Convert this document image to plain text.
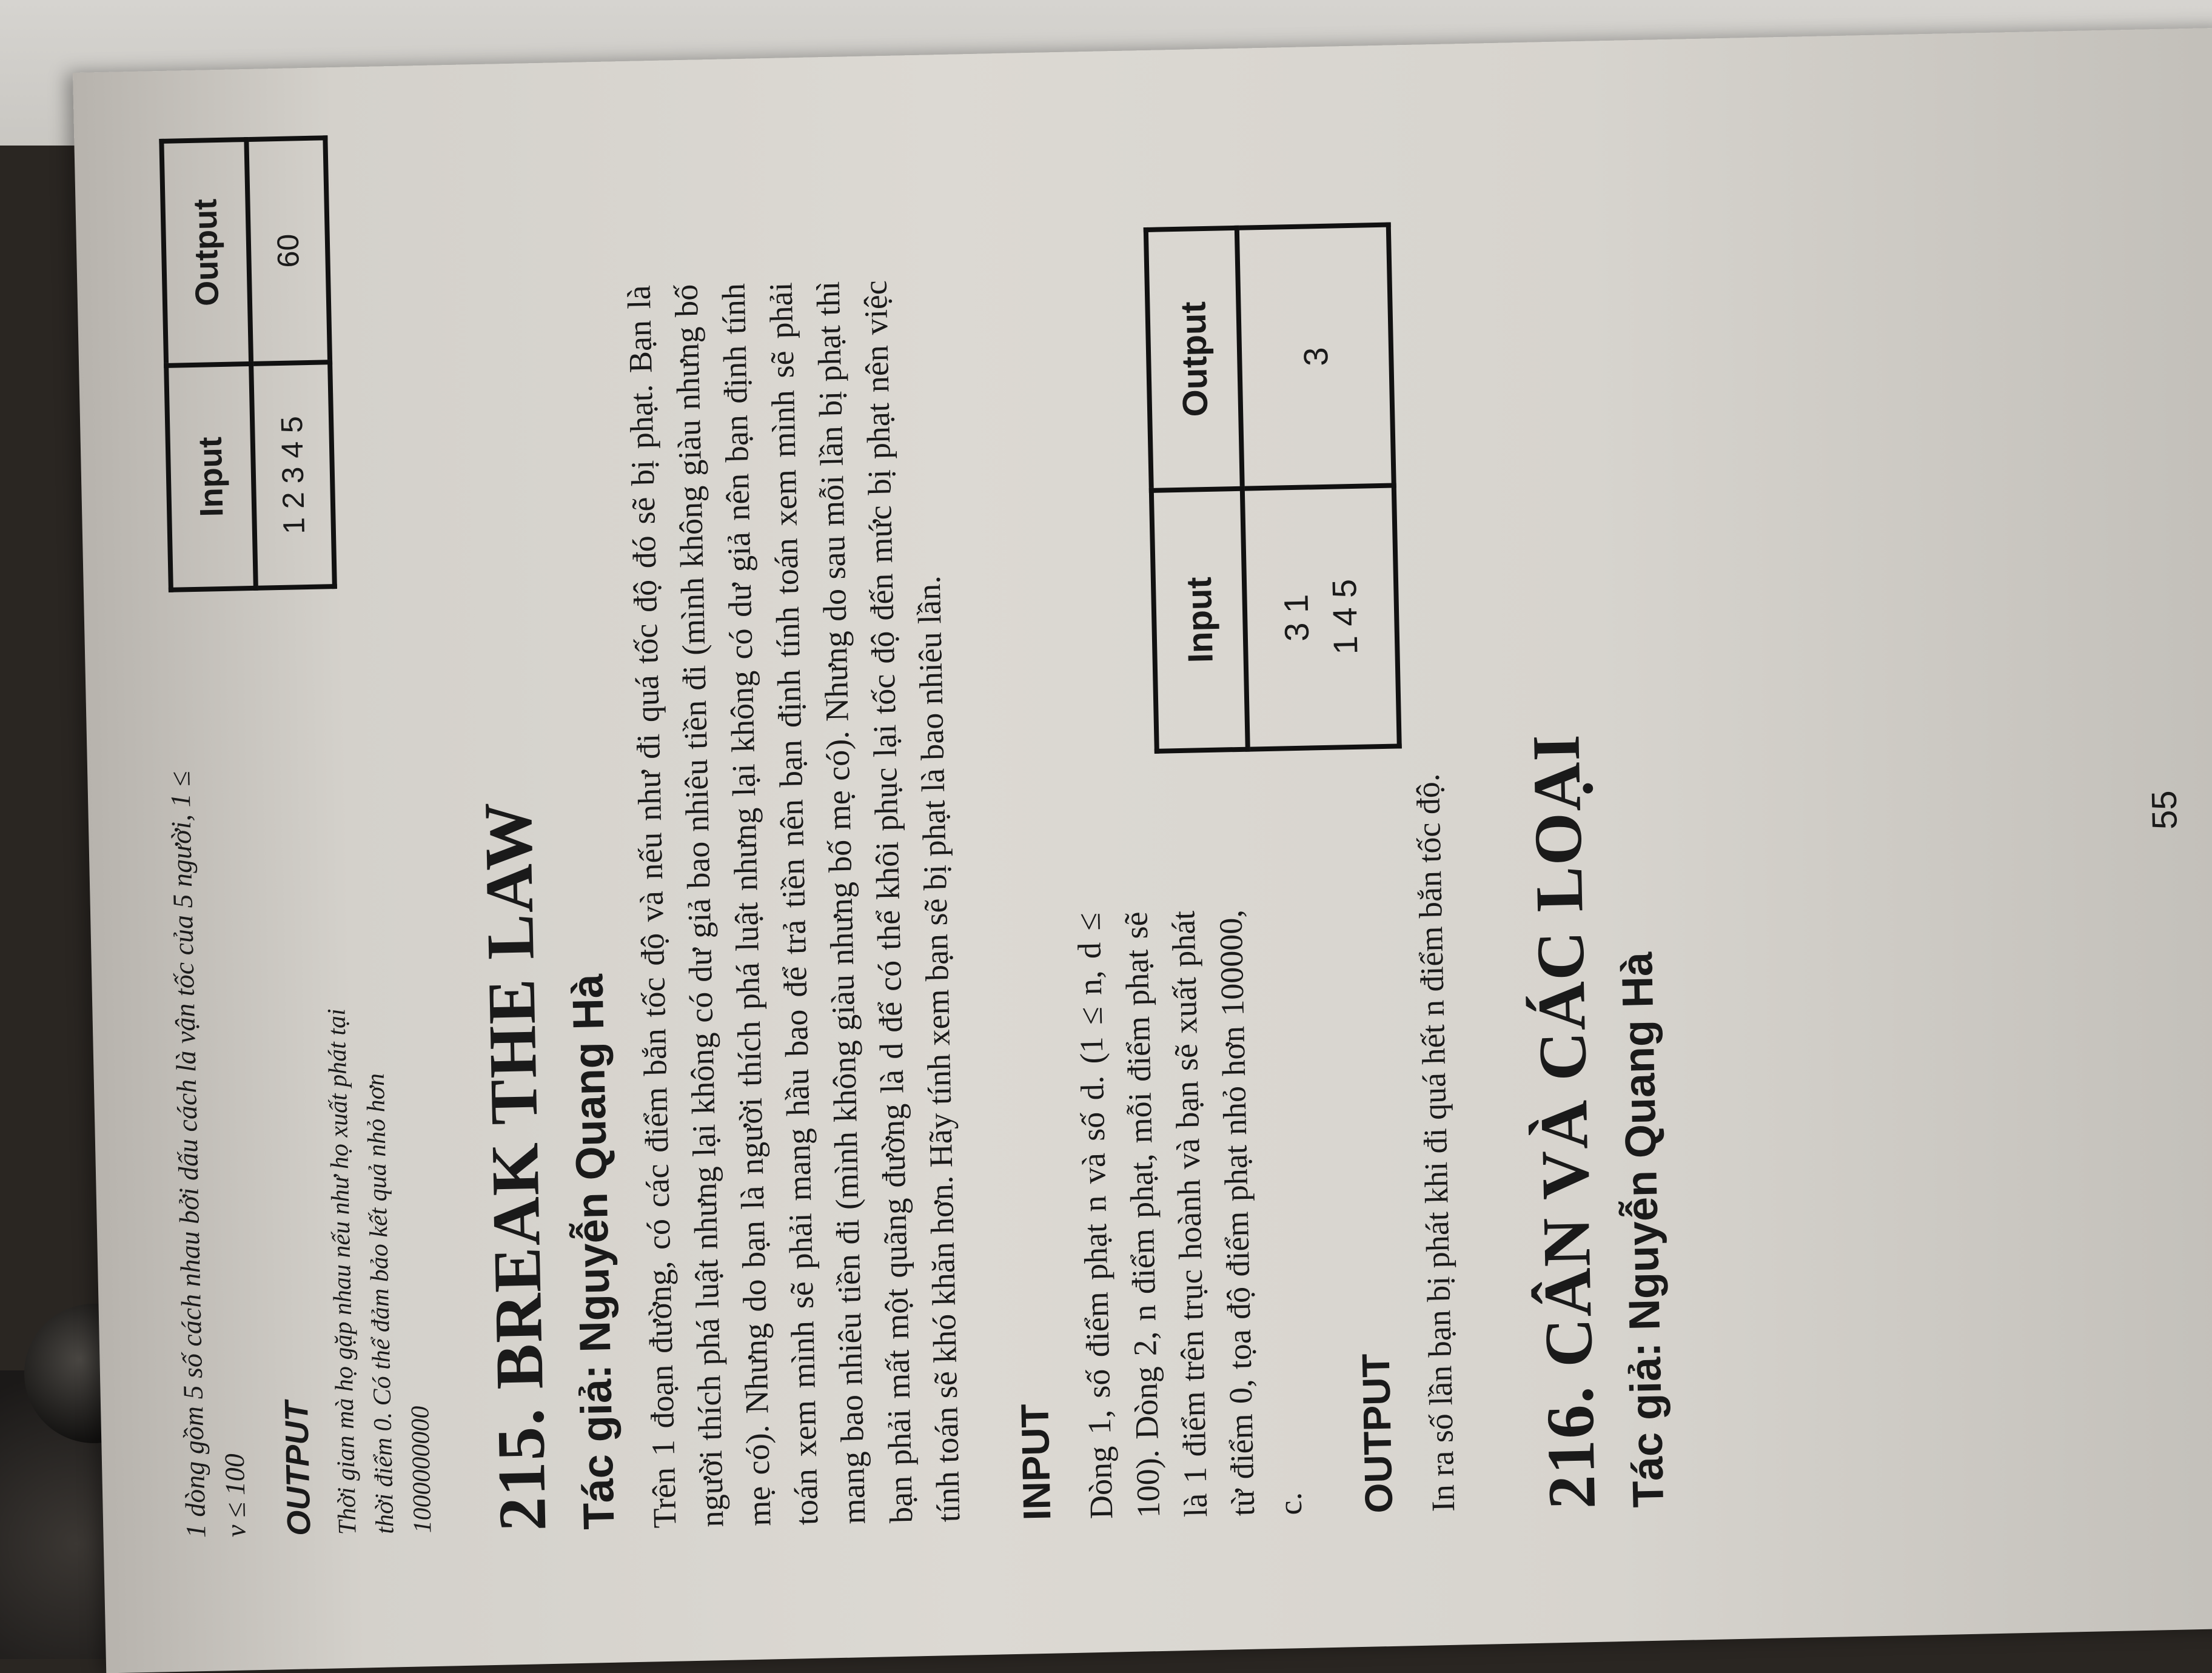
1 dòng gồm 5 số cách nhau bởi dấu cách là vận tốc của 5 người, 1 ≤ v ≤ 100 OUTPUT Thời gian mà họ gặp nhau nếu như họ xuất phát tại thời điểm 0. Có thể đảm bảo kết quả nhỏ hơn 1000000000 215. BREAK THE LAW Tác giả: Nguyễn Quang Hà
Trên 1 đoạn đường, có các điểm bắn tốc độ và nếu như đi quá tốc độ đó sẽ bị phạt. Bạn là người thích phá luật nhưng lại không có dư giả bao nhiêu tiền đi (mình không giàu nhưng bố mẹ có). Nhưng do bạn là người thích phá luật nhưng lại không có dư giả nên bạn định tính toán xem mình sẽ phải mang hầu bao để trả tiền nên bạn định tính toán xem mình sẽ phải mang bao nhiêu tiền đi (mình không giàu nhưng bố mẹ có). Nhưng do sau mỗi lần bị phạt thì bạn phải mất một quãng đường là d để có thể khôi phục lại tốc độ đến mức bị phạt nên việc tính toán sẽ khó khăn hơn. Hãy tính xem bạn sẽ bị phạt là bao nhiêu lần.	INPUT Dòng 1, số điểm phạt n và số d. (1 ≤ n, d ≤ 100). Dòng 2, n điểm phạt, mỗi điểm phạt sẽ là 1 điểm trên trục hoành và bạn sẽ xuất phát từ điểm 0, tọa độ điểm phạt nhỏ hơn 100000, c.	OUTPUT In ra số lần bạn bị phát khi đi quá hết n điểm bắn tốc độ. 216. CÂN VÀ CÁC LOẠI Tác giả: Nguyễn Quang Hà
Input	Output
1 2 3 4 5	60
Input	Output

3 1 1 4 5	3
55
